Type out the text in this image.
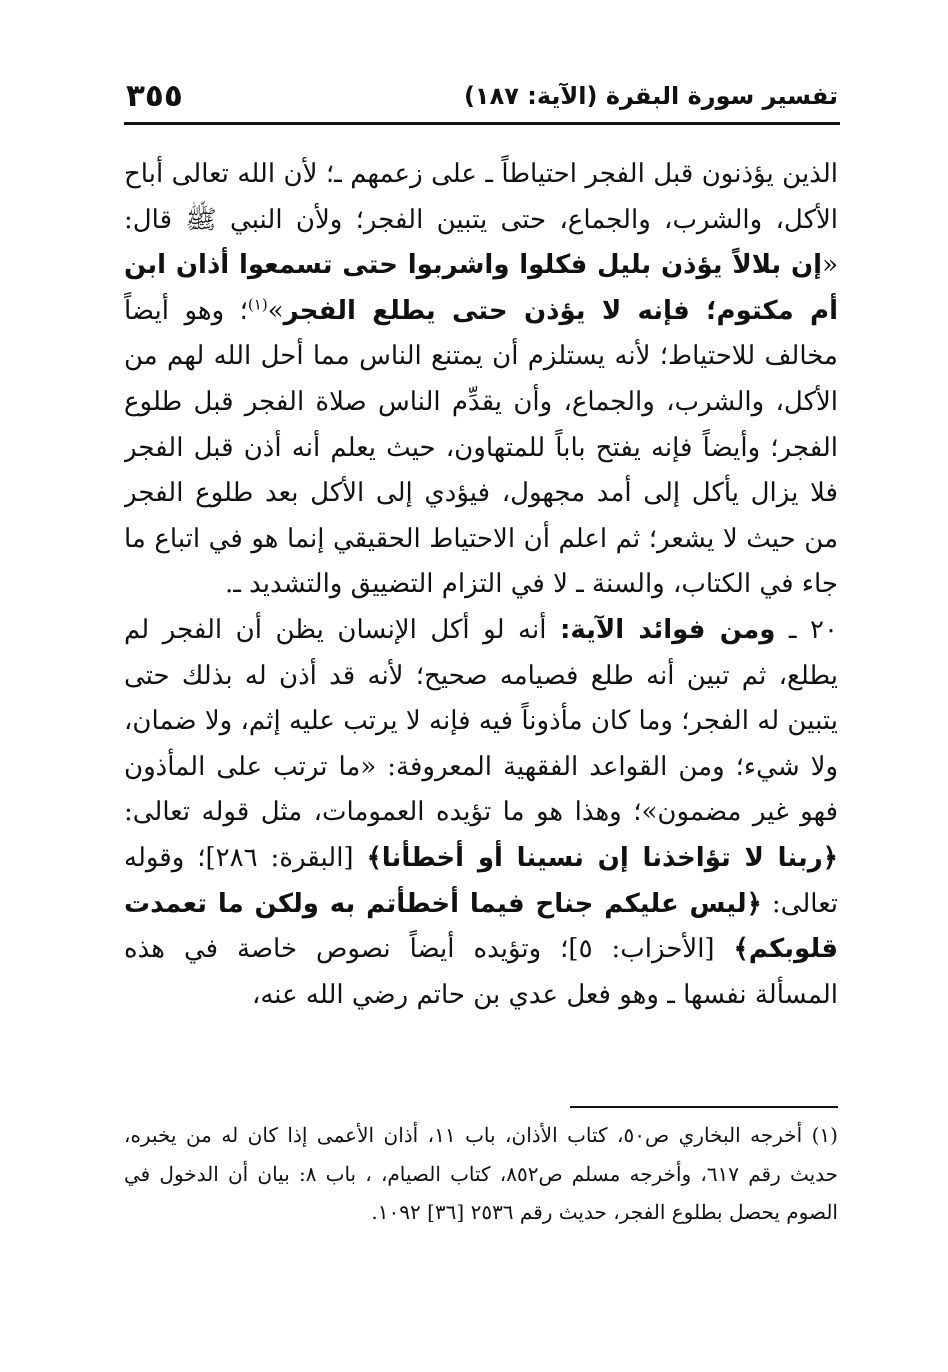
تفسير سورة البقرة (الآية: ١٨٧)
٣٥٥

الذين يؤذنون قبل الفجر احتياطاً ـ على زعمهم ـ؛ لأن الله تعالى أباح الأكل، والشرب، والجماع، حتى يتبين الفجر؛ ولأن النبي ﷺ قال: «إن بلالاً يؤذن بليل فكلوا واشربوا حتى تسمعوا أذان ابن أم مكتوم؛ فإنه لا يؤذن حتى يطلع الفجر»$^{(١)}$؛ وهو أيضاً مخالف للاحتياط؛ لأنه يستلزم أن يمتنع الناس مما أحل الله لهم من الأكل، والشرب، والجماع، وأن يقدِّم الناس صلاة الفجر قبل طلوع الفجر؛ وأيضاً فإنه يفتح باباً للمتهاون، حيث يعلم أنه أذن قبل الفجر فلا يزال يأكل إلى أمد مجهول، فيؤدي إلى الأكل بعد طلوع الفجر من حيث لا يشعر؛ ثم اعلم أن الاحتياط الحقيقي إنما هو في اتباع ما جاء في الكتاب، والسنة ـ لا في التزام التضييق والتشديد ـ.

٢٠ ـ ومن فوائد الآية: أنه لو أكل الإنسان يظن أن الفجر لم يطلع، ثم تبين أنه طلع فصيامه صحيح؛ لأنه قد أذن له بذلك حتى يتبين له الفجر؛ وما كان مأذوناً فيه فإنه لا يرتب عليه إثم، ولا ضمان، ولا شيء؛ ومن القواعد الفقهية المعروفة: «ما ترتب على المأذون فهو غير مضمون»؛ وهذا هو ما تؤيده العمومات، مثل قوله تعالى: ﴿ربنا لا تؤاخذنا إن نسينا أو أخطأنا﴾ [البقرة: ٢٨٦]؛ وقوله تعالى: ﴿ليس عليكم جناح فيما أخطأتم به ولكن ما تعمدت قلوبكم﴾ [الأحزاب: ٥]؛ وتؤيده أيضاً نصوص خاصة في هذه المسألة نفسها ـ وهو فعل عدي بن حاتم رضي الله عنه،

(١) أخرجه البخاري ص٥٠، كتاب الأذان، باب ١١، أذان الأعمى إذا كان له من يخبره، حديث رقم ٦١٧، وأخرجه مسلم ص٨٥٢، كتاب الصيام، ، باب ٨: بيان أن الدخول في الصوم يحصل بطلوع الفجر، حديث رقم ٢٥٣٦ [٣٦] ١٠٩٢.
